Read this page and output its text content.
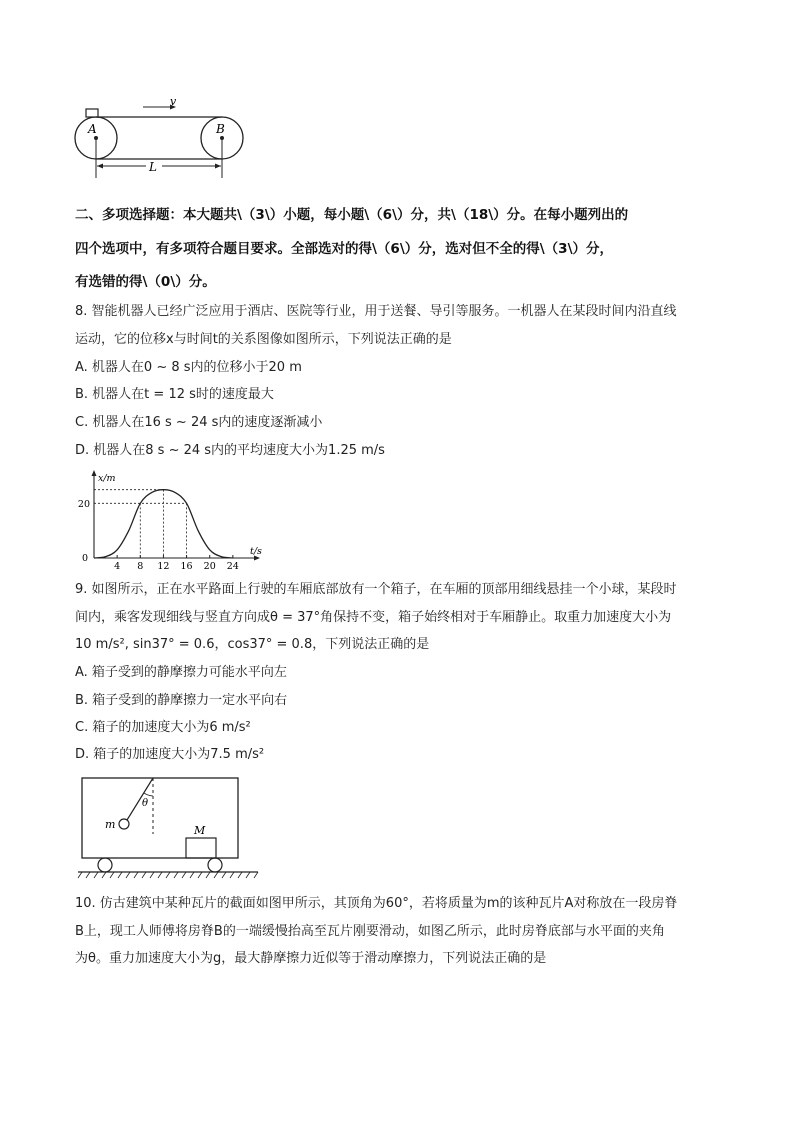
v
A	B
L
二、多项选择题：本大题共\（3\）小题，每小题\（6\）分，共\（18\）分。在每小题列出的
四个选项中，有多项符合题目要求。全部选对的得\（6\）分，选对但不全的得\（3\）分，
有选错的得\（0\）分。
8. 智能机器人已经广泛应用于酒店、医院等行业，用于送餐、导引等服务。一机器人在某段时间内沿直线
运动，它的位移x与时间t的关系图像如图所示，下列说法正确的是
A. 机器人在0 ~ 8 s内的位移小于20 m
B. 机器人在t = 12 s时的速度最大
C. 机器人在16 s ~ 24 s内的速度逐渐减小
D. 机器人在8 s ~ 24 s内的平均速度大小为1.25 m/s
4 8 12 16 20 24
20
0
x/m
t/s
9. 如图所示，正在水平路面上行驶的车厢底部放有一个箱子，在车厢的顶部用细线悬挂一个小球，某段时
间内，乘客发现细线与竖直方向成θ = 37°角保持不变，箱子始终相对于车厢静止。取重力加速度大小为
10 m/s², sin37° = 0.6，cos37° = 0.8，下列说法正确的是
A. 箱子受到的静摩擦力可能水平向左
B. 箱子受到的静摩擦力一定水平向右
C. 箱子的加速度大小为6 m/s²
D. 箱子的加速度大小为7.5 m/s²
m
θ
M
10. 仿古建筑中某种瓦片的截面如图甲所示，其顶角为60°，若将质量为m的该种瓦片A对称放在一段房脊
B上，现工人师傅将房脊B的一端缓慢抬高至瓦片刚要滑动，如图乙所示，此时房脊底部与水平面的夹角
为θ。重力加速度大小为g，最大静摩擦力近似等于滑动摩擦力，下列说法正确的是
